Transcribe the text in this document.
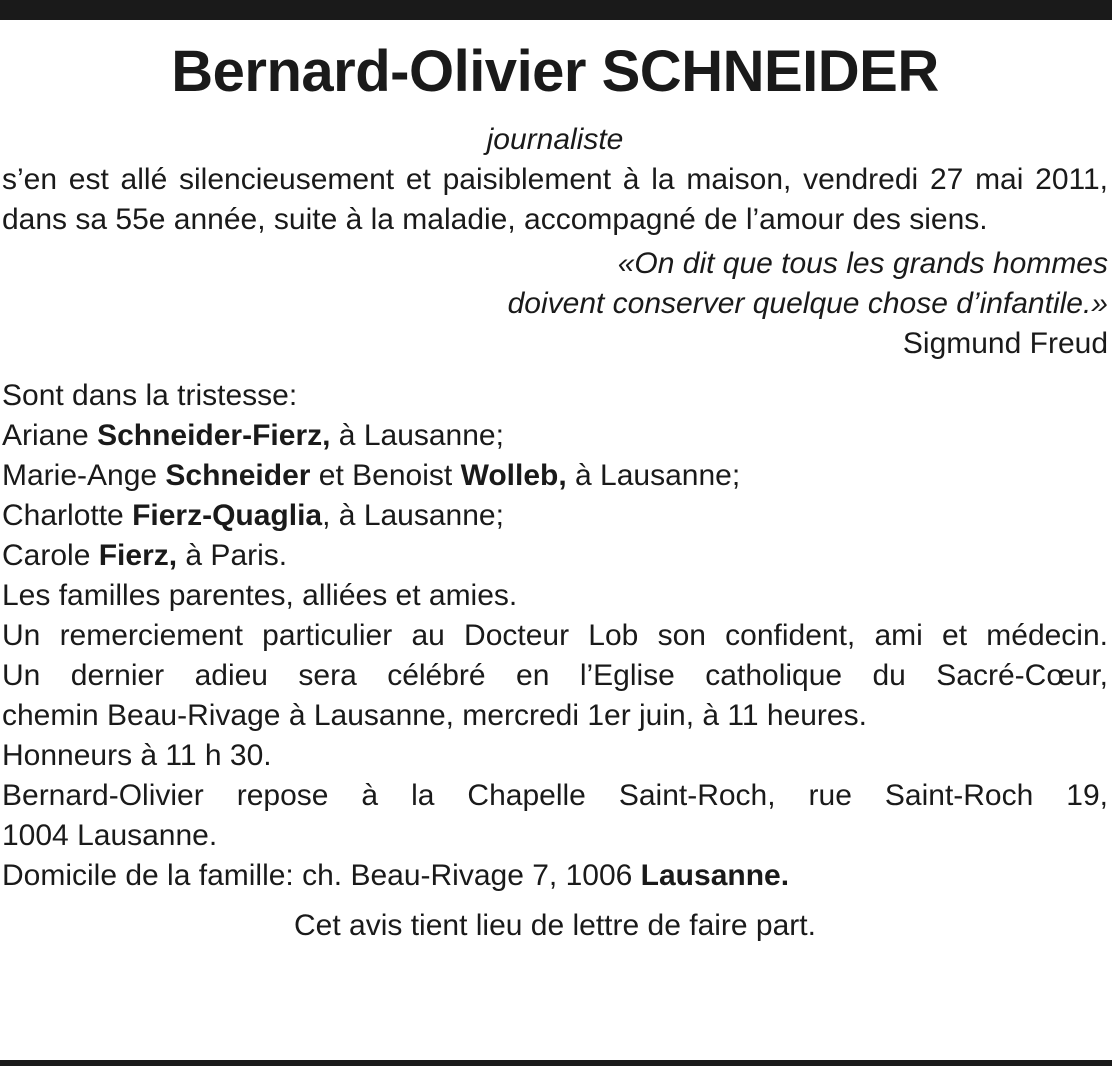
Bernard-Olivier SCHNEIDER
journaliste
s’en est allé silencieusement et paisiblement à la maison, vendredi 27 mai 2011, dans sa 55e année, suite à la maladie, accompagné de l’amour des siens.
«On dit que tous les grands hommes
doivent conserver quelque chose d’infantile.»
Sigmund Freud
Sont dans la tristesse:
Ariane Schneider-Fierz, à Lausanne;
Marie-Ange Schneider et Benoist Wolleb, à Lausanne;
Charlotte Fierz-Quaglia, à Lausanne;
Carole Fierz, à Paris.
Les familles parentes, alliées et amies.
Un remerciement particulier au Docteur Lob son confident, ami et médecin.
Un dernier adieu sera célébré en l’Eglise catholique du Sacré-Cœur,
chemin Beau-Rivage à Lausanne, mercredi 1er juin, à 11 heures.
Honneurs à 11 h 30.
Bernard-Olivier repose à la Chapelle Saint-Roch, rue Saint-Roch 19,
1004 Lausanne.
Domicile de la famille: ch. Beau-Rivage 7, 1006 Lausanne.
Cet avis tient lieu de lettre de faire part.
